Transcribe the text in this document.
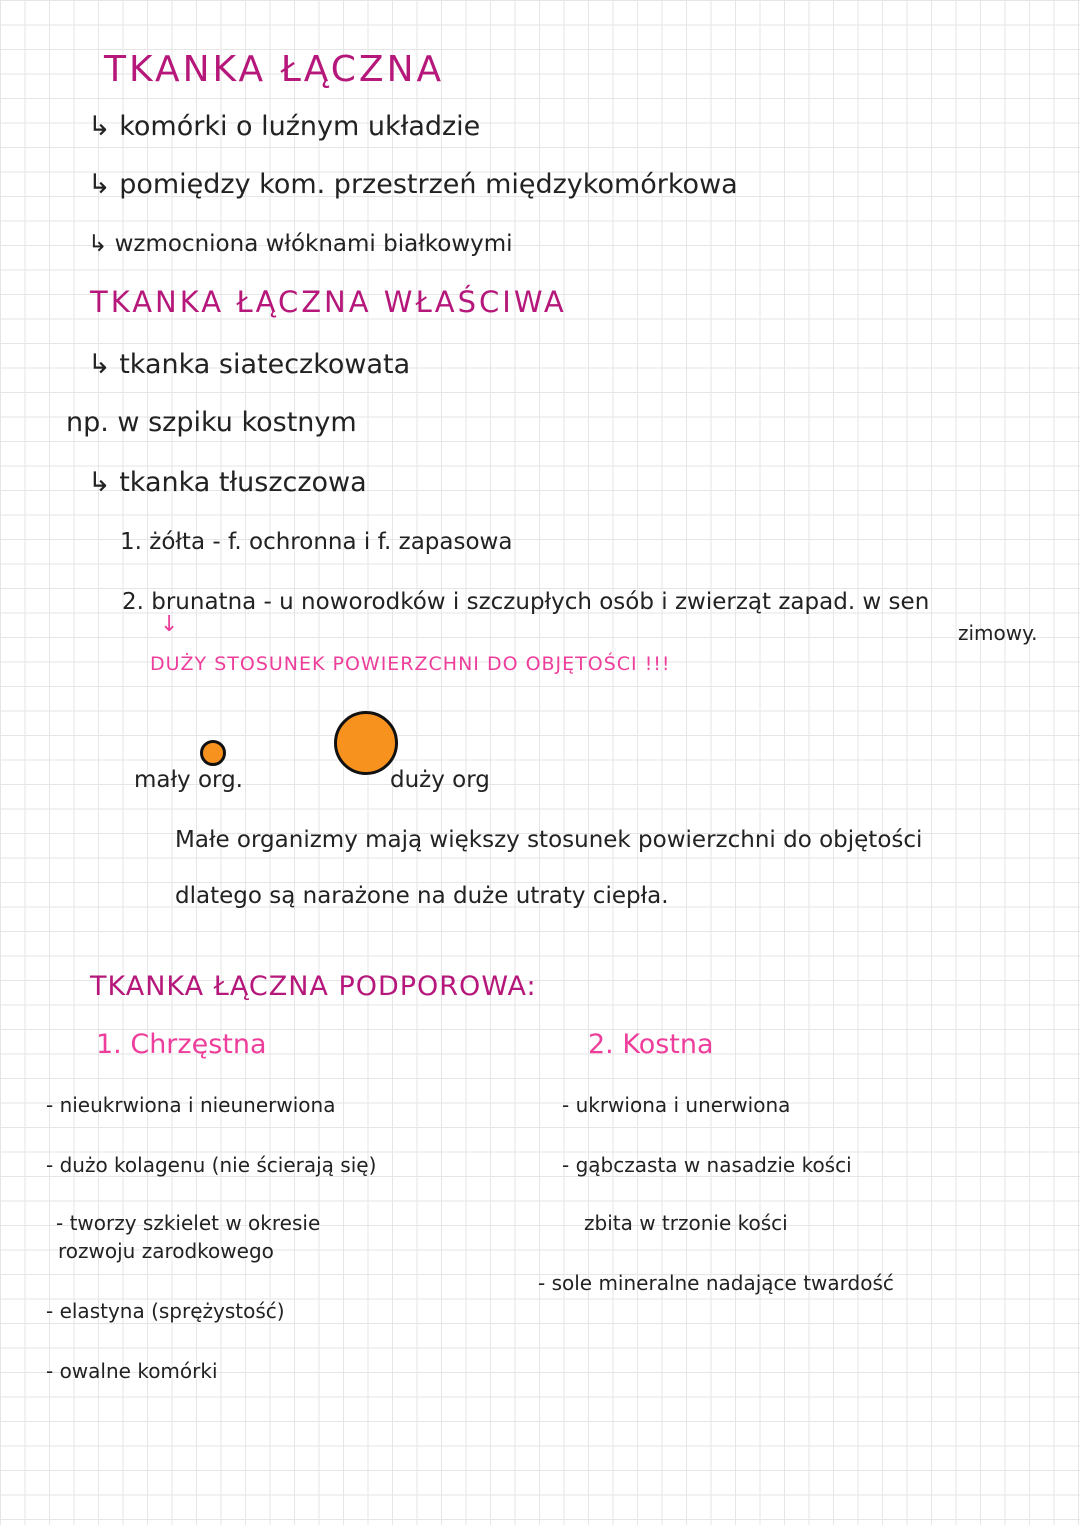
TKANKA ŁĄCZNA
↳ komórki o luźnym układzie
↳ pomiędzy kom. przestrzeń międzykomórkowa
↳ wzmocniona włóknami białkowymi
TKANKA ŁĄCZNA WŁAŚCIWA
↳ tkanka siateczkowata
np. w szpiku kostnym
↳ tkanka tłuszczowa
1. żółta - f. ochronna i f. zapasowa
2. brunatna - u noworodków i szczupłych osób i zwierząt zapad. w sen
zimowy.
↓
DUŻY STOSUNEK POWIERZCHNI DO OBJĘTOŚCI !!!
mały org.	duży org
Małe organizmy mają większy stosunek powierzchni do objętości
dlatego są narażone na duże utraty ciepła.
TKANKA ŁĄCZNA PODPOROWA:
1. Chrzęstna
- nieukrwiona i nieunerwiona
- dużo kolagenu (nie ścierają się)
- tworzy szkielet w okresie
rozwoju zarodkowego
- elastyna (sprężystość)
- owalne komórki
2. Kostna
- ukrwiona i unerwiona
- gąbczasta w nasadzie kości
zbita w trzonie kości
- sole mineralne nadające twardość
